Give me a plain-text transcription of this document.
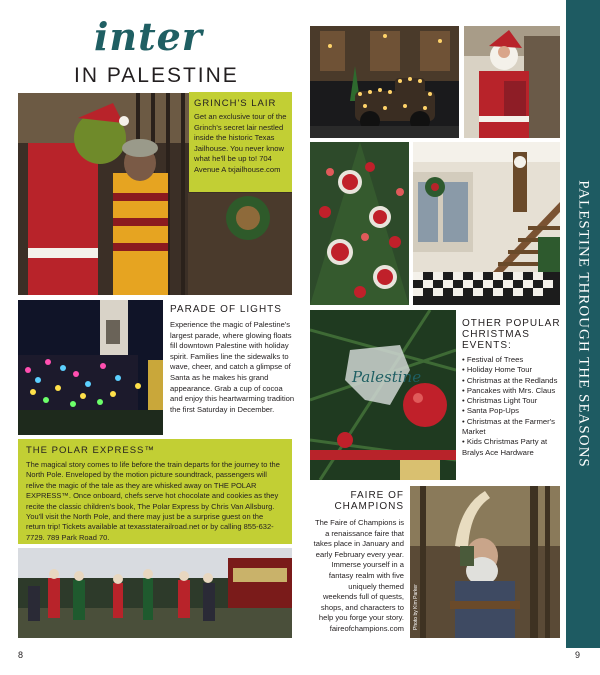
inter
IN PALESTINE
PALESTINE THROUGH THE SEASONS
GRINCH'S LAIR
Get an exclusive tour of the Grinch's secret lair nestled inside the historic Texas Jailhouse. You never know what he'll be up to! 704 Avenue A txjailhouse.com
PARADE OF LIGHTS
Experience the magic of Palestine's largest parade, where glowing floats fill downtown Palestine with holiday spirit. Families line the sidewalks to wave, cheer, and catch a glimpse of Santa as he makes his grand appearance. Grab a cup of cocoa and enjoy this heartwarming tradition the first Saturday in December.
THE POLAR EXPRESS™
The magical story comes to life before the train departs for the journey to the North Pole. Enveloped by the motion picture soundtrack, passengers will relive the magic of the tale as they are whisked away on THE POLAR EXPRESS™. Once onboard, chefs serve hot chocolate and cookies as they recite the classic children's book, The Polar Express by Chris Van Allsburg. You'll visit the North Pole, and there may just be a surprise guest on the return trip! Tickets available at texasstaterailroad.net or by calling 855-632-7729. 789 Park Road 70.
Palestine
OTHER POPULAR CHRISTMAS EVENTS:
• Festival of Trees
• Holiday Home Tour
• Christmas at the Redlands
• Pancakes with Mrs. Claus
• Christmas Light Tour
• Santa Pop-Ups
• Christmas at the Farmer's Market
• Kids Christmas Party at Bralys Ace Hardware
FAIRE OF CHAMPIONS
The Faire of Champions is a renaissance faire that takes place in January and early February every year. Immerse yourself in a fantasy realm with five uniquely themed weekends full of quests, shops, and characters to help you forge your story. faireofchampions.com Photo by Kim Parker
8	9
